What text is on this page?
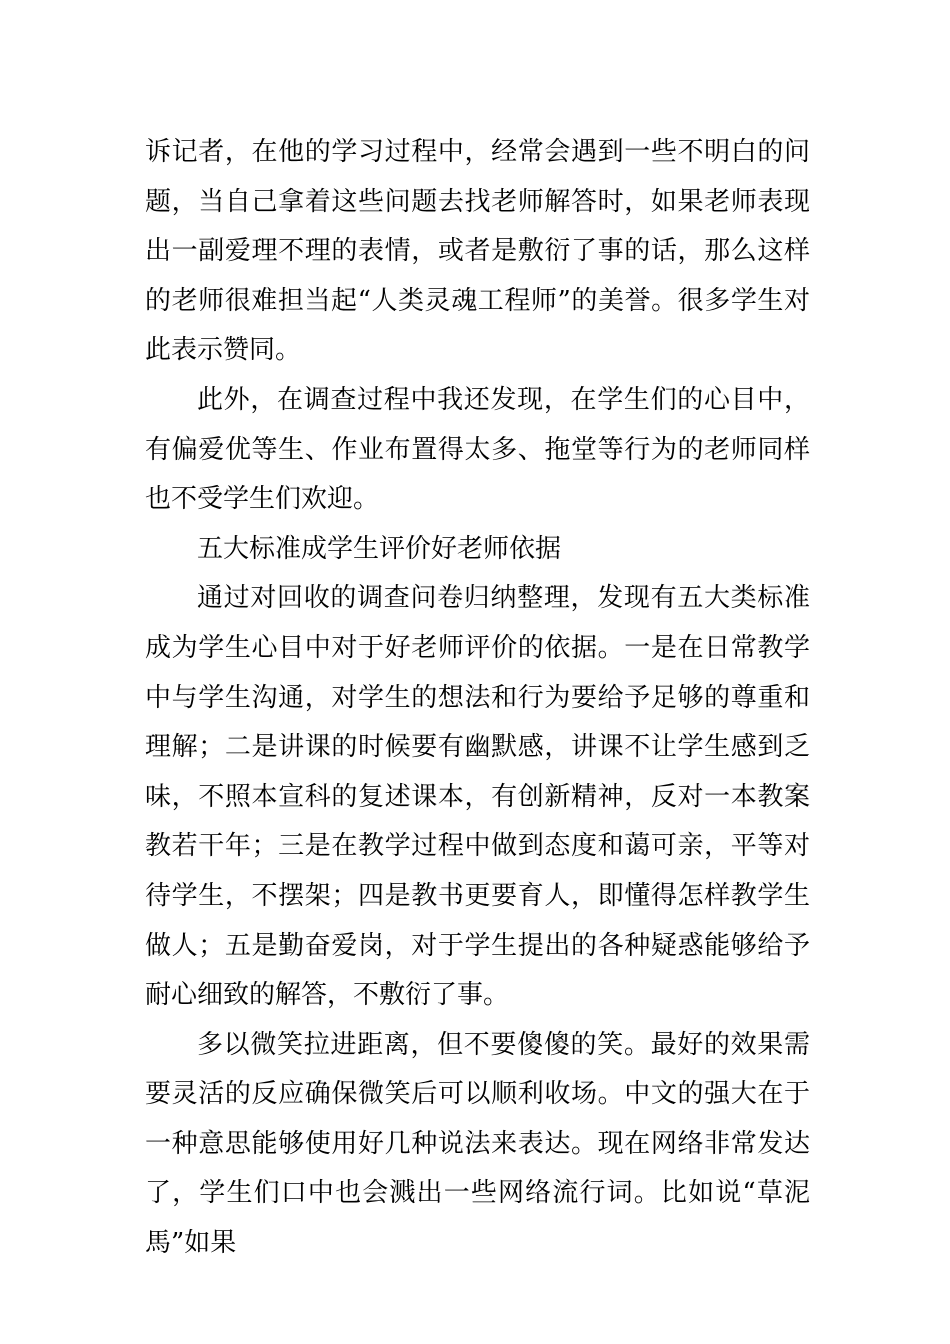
诉记者，在他的学习过程中，经常会遇到一些不明白的问题，当自己拿着这些问题去找老师解答时，如果老师表现出一副爱理不理的表情，或者是敷衍了事的话，那么这样的老师很难担当起“人类灵魂工程师”的美誉。很多学生对此表示赞同。

此外，在调查过程中我还发现，在学生们的心目中，有偏爱优等生、作业布置得太多、拖堂等行为的老师同样也不受学生们欢迎。

五大标准成学生评价好老师依据

通过对回收的调查问卷归纳整理，发现有五大类标准成为学生心目中对于好老师评价的依据。一是在日常教学中与学生沟通，对学生的想法和行为要给予足够的尊重和理解；二是讲课的时候要有幽默感，讲课不让学生感到乏味，不照本宣科的复述课本，有创新精神，反对一本教案教若干年；三是在教学过程中做到态度和蔼可亲，平等对待学生，不摆架；四是教书更要育人，即懂得怎样教学生做人；五是勤奋爱岗，对于学生提出的各种疑惑能够给予耐心细致的解答，不敷衍了事。

多以微笑拉进距离，但不要傻傻的笑。最好的效果需要灵活的反应确保微笑后可以顺利收场。中文的强大在于一种意思能够使用好几种说法来表达。现在网络非常发达了，学生们口中也会溅出一些网络流行词。比如说“草泥馬”如果
